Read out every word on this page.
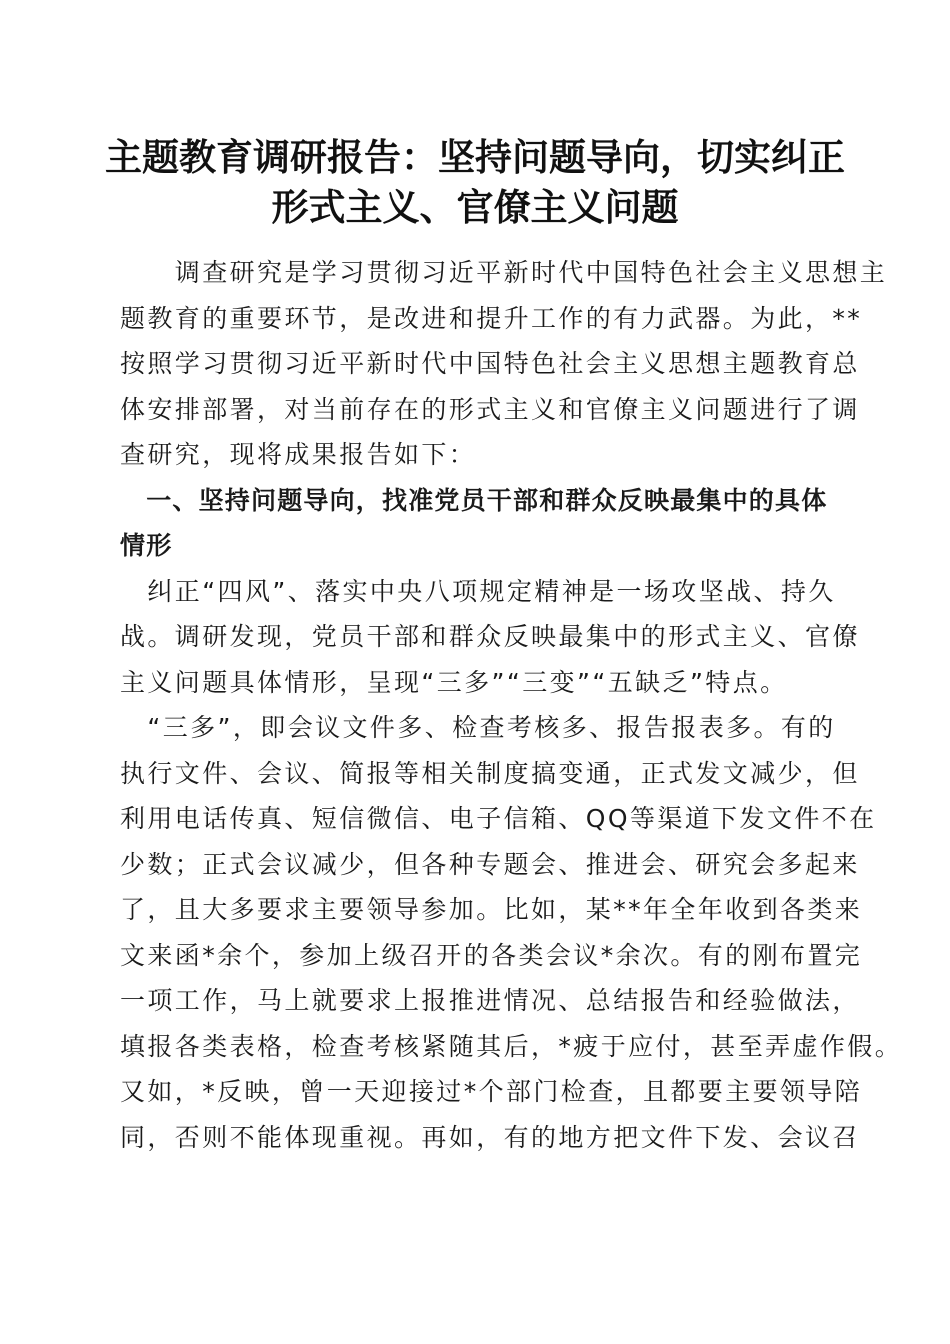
主题教育调研报告：坚持问题导向，切实纠正
形式主义、官僚主义问题

　　调查研究是学习贯彻习近平新时代中国特色社会主义思想主
题教育的重要环节，是改进和提升工作的有力武器。为此，**
按照学习贯彻习近平新时代中国特色社会主义思想主题教育总
体安排部署，对当前存在的形式主义和官僚主义问题进行了调
查研究，现将成果报告如下：

　一、坚持问题导向，找准党员干部和群众反映最集中的具体
情形

　纠正“四风”、落实中央八项规定精神是一场攻坚战、持久
战。调研发现，党员干部和群众反映最集中的形式主义、官僚
主义问题具体情形，呈现“三多”“三变”“五缺乏”特点。

　“三多”，即会议文件多、检查考核多、报告报表多。有的
执行文件、会议、简报等相关制度搞变通，正式发文减少，但
利用电话传真、短信微信、电子信箱、QQ等渠道下发文件不在
少数；正式会议减少，但各种专题会、推进会、研究会多起来
了，且大多要求主要领导参加。比如，某**年全年收到各类来
文来函*余个，参加上级召开的各类会议*余次。有的刚布置完
一项工作，马上就要求上报推进情况、总结报告和经验做法，
填报各类表格，检查考核紧随其后，*疲于应付，甚至弄虚作假。
又如，*反映，曾一天迎接过*个部门检查，且都要主要领导陪
同，否则不能体现重视。再如，有的地方把文件下发、会议召
